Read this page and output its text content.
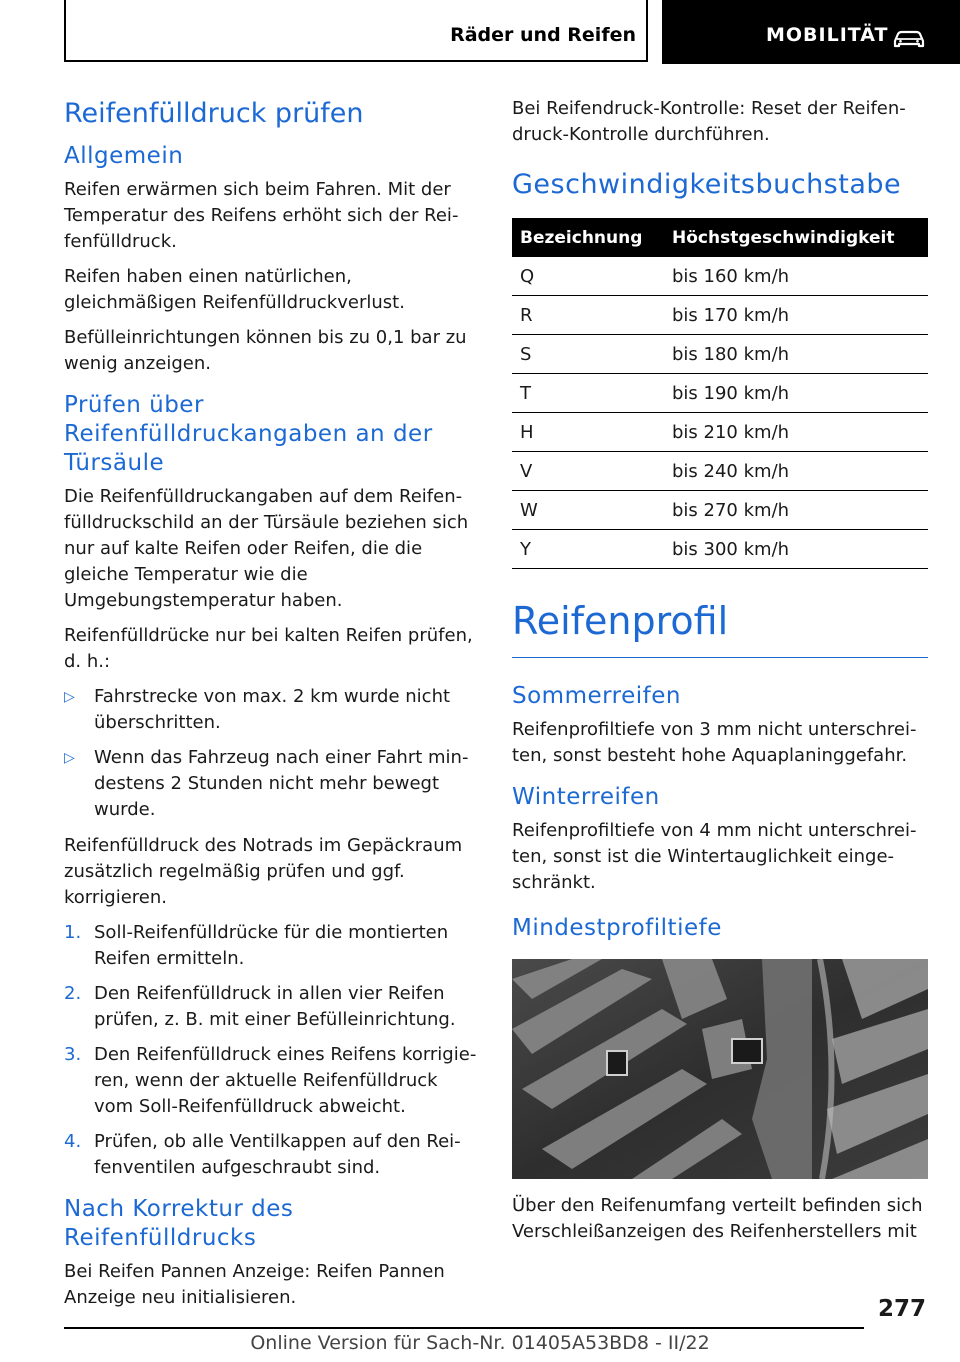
Räder und Reifen	MOBILITÄT
Reifenfülldruck prüfen
Allgemein

Reifen erwärmen sich beim Fahren. Mit der Temperatur des Reifens erhöht sich der Reifenfülldruck.

Reifen haben einen natürlichen, gleichmäßigen Reifenfülldruckverlust.

Befülleinrichtungen können bis zu 0,1 bar zu wenig anzeigen.

Prüfen über Reifenfülldruckangaben an der Türsäule

Die Reifenfülldruckangaben auf dem Reifenfülldruckschild an der Türsäule beziehen sich nur auf kalte Reifen oder Reifen, die die gleiche Temperatur wie die Umgebungstemperatur haben.

Reifenfülldrücke nur bei kalten Reifen prüfen, d. h.:

▷ Fahrstrecke von max. 2 km wurde nicht überschritten.
▷ Wenn das Fahrzeug nach einer Fahrt mindestens 2 Stunden nicht mehr bewegt wurde.

Reifenfülldruck des Notrads im Gepäckraum zusätzlich regelmäßig prüfen und ggf. korrigieren.

1. Soll-Reifenfülldrücke für die montierten Reifen ermitteln.
2. Den Reifenfülldruck in allen vier Reifen prüfen, z. B. mit einer Befülleinrichtung.
3. Den Reifenfülldruck eines Reifens korrigieren, wenn der aktuelle Reifenfülldruck vom Soll-Reifenfülldruck abweicht.
4. Prüfen, ob alle Ventilkappen auf den Reifenventilen aufgeschraubt sind.
Nach Korrektur des Reifenfülldrucks

Bei Reifen Pannen Anzeige: Reifen Pannen Anzeige neu initialisieren.

Bei Reifendruck-Kontrolle: Reset der Reifendruck-Kontrolle durchführen.

Geschwindigkeitsbuchstabe
Bezeichnung	Höchstgeschwindigkeit
Q	bis 160 km/h
R	bis 170 km/h
S	bis 180 km/h
T	bis 190 km/h
H	bis 210 km/h
V	bis 240 km/h
W	bis 270 km/h
Y	bis 300 km/h
Reifenprofil
Sommerreifen

Reifenprofiltiefe von 3 mm nicht unterschreiten, sonst besteht hohe Aquaplaninggefahr.

Winterreifen

Reifenprofiltiefe von 4 mm nicht unterschreiten, sonst ist die Wintertauglichkeit eingeschränkt.

Mindestprofiltiefe

Über den Reifenumfang verteilt befinden sich Verschleißanzeigen des Reifenherstellers mit

277
Online Version für Sach-Nr. 01405A53BD8 - II/22
